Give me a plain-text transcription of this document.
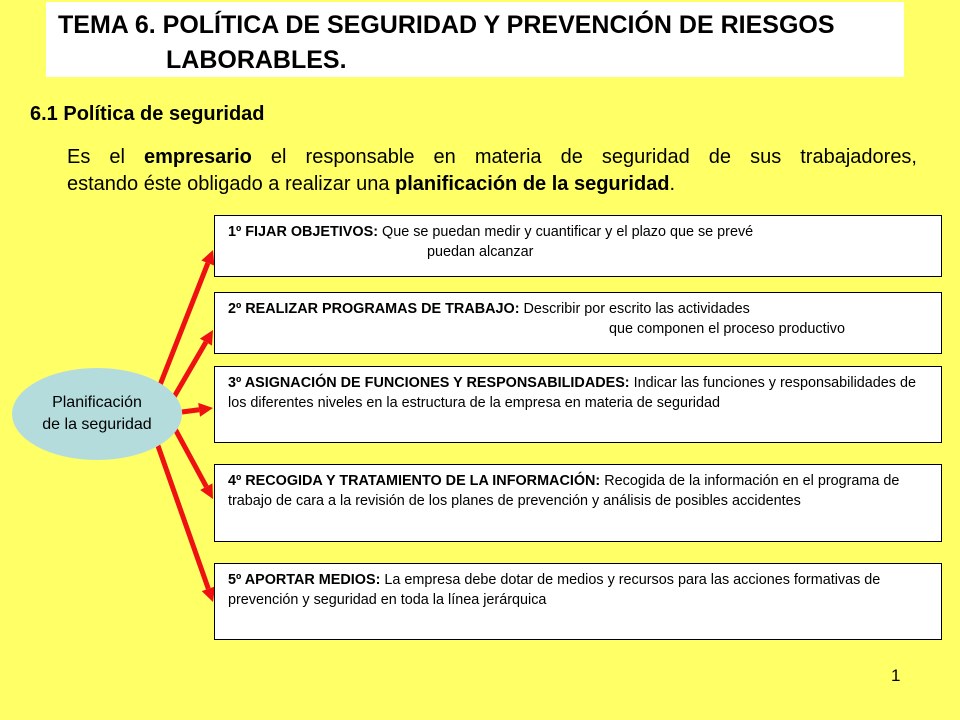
TEMA 6. POLÍTICA DE SEGURIDAD Y PREVENCIÓN DE RIESGOS
LABORABLES.
6.1 Política de seguridad
Es el empresario el responsable en materia de seguridad de sus trabajadores,
estando éste obligado a realizar una planificación de la seguridad.
Planificación
de la seguridad
1º FIJAR OBJETIVOS: Que se puedan medir y cuantificar y el plazo que se prevé
puedan alcanzar
2º REALIZAR PROGRAMAS DE TRABAJO: Describir por escrito las actividades
que componen el proceso productivo
3º ASIGNACIÓN DE FUNCIONES Y RESPONSABILIDADES: Indicar las funciones y responsabilidades de los diferentes niveles en la estructura de la empresa en materia de seguridad
4º RECOGIDA Y TRATAMIENTO DE LA INFORMACIÓN: Recogida de la información en el programa de trabajo de cara a la revisión de los planes de prevención y análisis de posibles accidentes
5º APORTAR MEDIOS: La empresa debe dotar de medios y recursos para las acciones formativas de prevención y seguridad en toda la línea jerárquica
1
